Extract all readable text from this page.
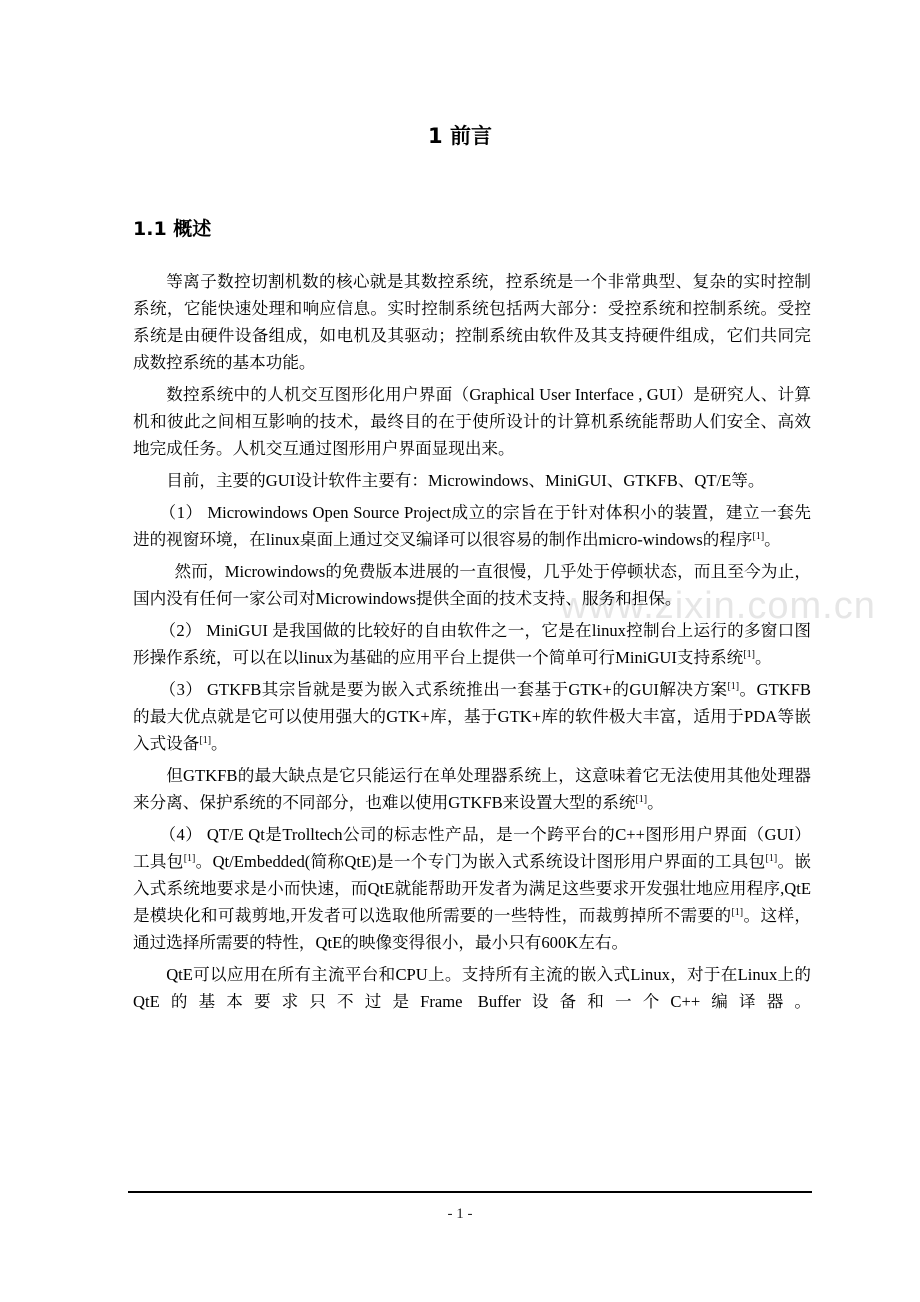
www.zixin.com.cn
1 前言
1.1 概述

等离子数控切割机数的核心就是其数控系统，控系统是一个非常典型、复杂的实时控制系统，它能快速处理和响应信息。实时控制系统包括两大部分：受控系统和控制系统。受控系统是由硬件设备组成，如电机及其驱动；控制系统由软件及其支持硬件组成，它们共同完成数控系统的基本功能。

数控系统中的人机交互图形化用户界面（Graphical User Interface , GUI）是研究人、计算机和彼此之间相互影响的技术，最终目的在于使所设计的计算机系统能帮助人们安全、高效地完成任务。人机交互通过图形用户界面显现出来。

目前，主要的GUI设计软件主要有：Microwindows、MiniGUI、GTKFB、QT/E等。

（1） Microwindows Open Source Project成立的宗旨在于针对体积小的装置，建立一套先进的视窗环境，在linux桌面上通过交叉编译可以很容易的制作出micro-windows的程序[1]。

然而，Microwindows的免费版本进展的一直很慢，几乎处于停顿状态，而且至今为止，国内没有任何一家公司对Microwindows提供全面的技术支持、服务和担保。

（2） MiniGUI 是我国做的比较好的自由软件之一，它是在linux控制台上运行的多窗口图形操作系统，可以在以linux为基础的应用平台上提供一个简单可行MiniGUI支持系统[1]。

（3） GTKFB其宗旨就是要为嵌入式系统推出一套基于GTK+的GUI解决方案[1]。GTKFB的最大优点就是它可以使用强大的GTK+库，基于GTK+库的软件极大丰富，适用于PDA等嵌入式设备[1]。

但GTKFB的最大缺点是它只能运行在单处理器系统上，这意味着它无法使用其他处理器来分离、保护系统的不同部分，也难以使用GTKFB来设置大型的系统[1]。

（4） QT/E Qt是Trolltech公司的标志性产品，是一个跨平台的C++图形用户界面（GUI）工具包[1]。Qt/Embedded(简称QtE)是一个专门为嵌入式系统设计图形用户界面的工具包[1]。嵌入式系统地要求是小而快速，而QtE就能帮助开发者为满足这些要求开发强壮地应用程序,QtE是模块化和可裁剪地,开发者可以选取他所需要的一些特性，而裁剪掉所不需要的[1]。这样，通过选择所需要的特性，QtE的映像变得很小，最小只有600K左右。

QtE可以应用在所有主流平台和CPU上。支持所有主流的嵌入式Linux，对于在Linux上的QtE的基本要求只不过是Frame Buffer设备和一个C++编译器。

- 1 -
